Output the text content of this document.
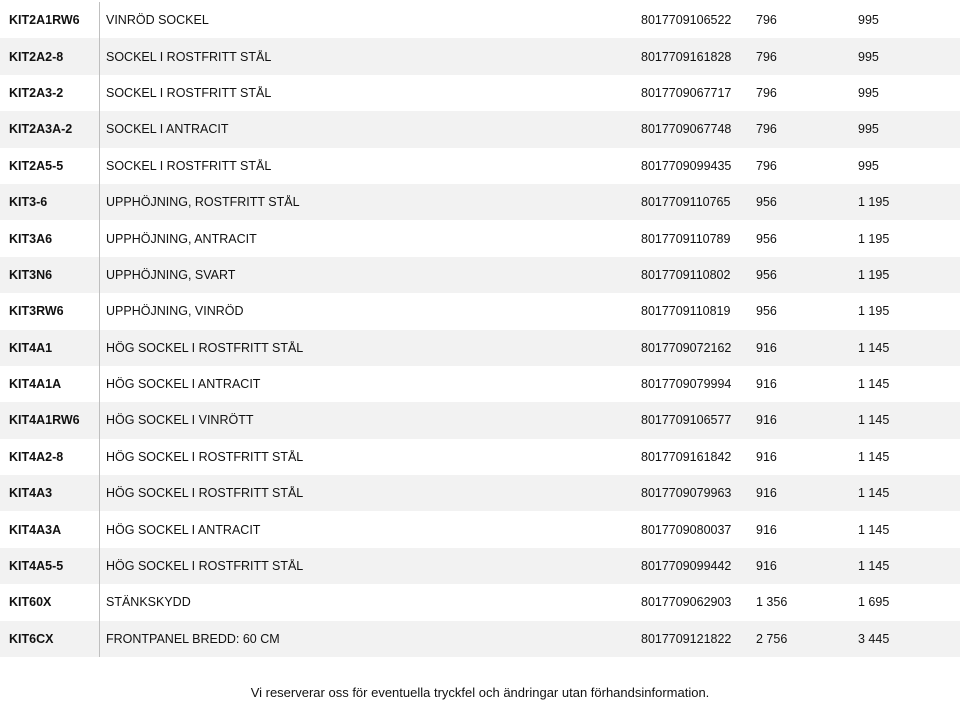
KIT2A1RW6	VINRÖD SOCKEL	8017709106522	796	995
KIT2A2-8	SOCKEL I ROSTFRITT STÅL	8017709161828	796	995
KIT2A3-2	SOCKEL I ROSTFRITT STÅL	8017709067717	796	995
KIT2A3A-2	SOCKEL I ANTRACIT	8017709067748	796	995
KIT2A5-5	SOCKEL I ROSTFRITT STÅL	8017709099435	796	995
KIT3-6	UPPHÖJNING, ROSTFRITT STÅL	8017709110765	956	1 195
KIT3A6	UPPHÖJNING, ANTRACIT	8017709110789	956	1 195
KIT3N6	UPPHÖJNING, SVART	8017709110802	956	1 195
KIT3RW6	UPPHÖJNING, VINRÖD	8017709110819	956	1 195
KIT4A1	HÖG SOCKEL I ROSTFRITT STÅL	8017709072162	916	1 145
KIT4A1A	HÖG SOCKEL I ANTRACIT	8017709079994	916	1 145
KIT4A1RW6	HÖG SOCKEL I VINRÖTT	8017709106577	916	1 145
KIT4A2-8	HÖG SOCKEL I ROSTFRITT STÅL	8017709161842	916	1 145
KIT4A3	HÖG SOCKEL I ROSTFRITT STÅL	8017709079963	916	1 145
KIT4A3A	HÖG SOCKEL I ANTRACIT	8017709080037	916	1 145
KIT4A5-5	HÖG SOCKEL I ROSTFRITT STÅL	8017709099442	916	1 145
KIT60X	STÄNKSKYDD	8017709062903	1 356	1 695
KIT6CX	FRONTPANEL BREDD: 60 CM	8017709121822	2 756	3 445
Vi reserverar oss för eventuella tryckfel och ändringar utan förhandsinformation.
